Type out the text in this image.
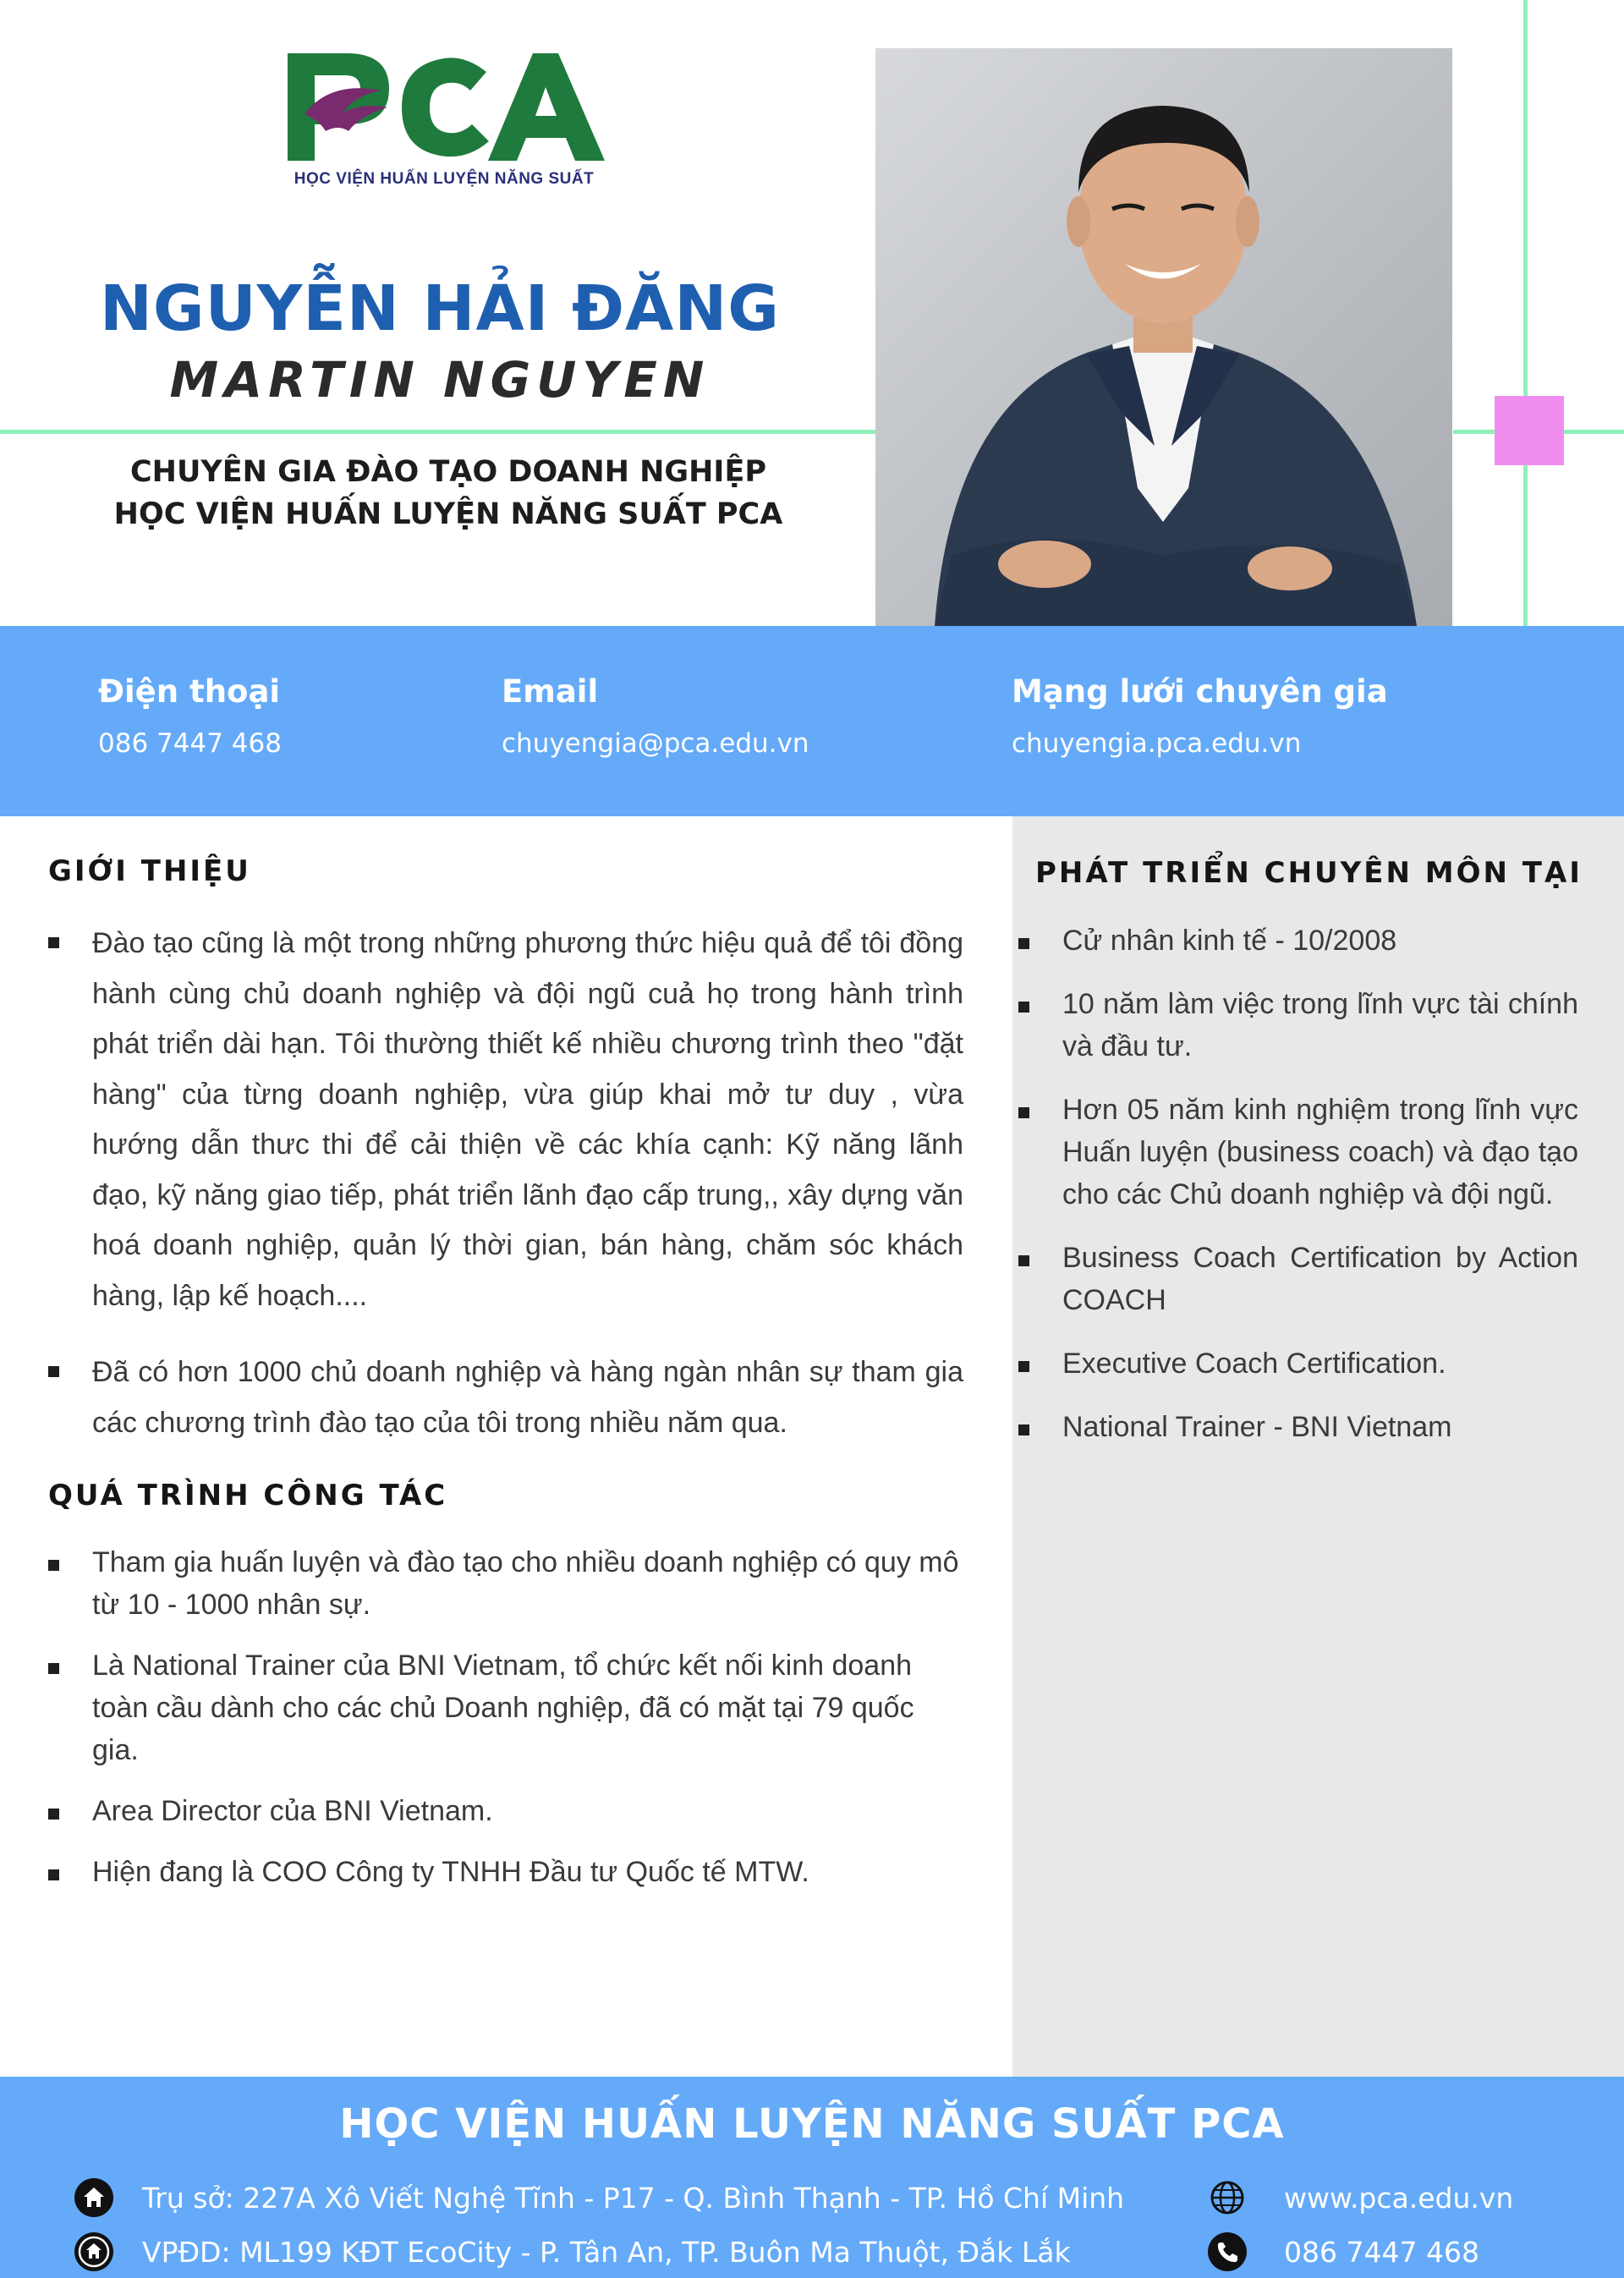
HỌC VIỆN HUẤN LUYỆN NĂNG SUẤT
NGUYỄN HẢI ĐĂNG
MARTIN NGUYEN
CHUYÊN GIA ĐÀO TẠO DOANH NGHIỆP
HỌC VIỆN HUẤN LUYỆN NĂNG SUẤT PCA
Điện thoại
086 7447 468
Email
chuyengia@pca.edu.vn
Mạng lưới chuyên gia
chuyengia.pca.edu.vn
GIỚI THIỆU
Đào tạo cũng là một trong những phương thức hiệu quả để tôi đồng hành cùng chủ doanh nghiệp và đội ngũ cuả họ trong hành trình phát triển dài hạn. Tôi thường thiết kế nhiều chương trình theo "đặt hàng" của từng doanh nghiệp, vừa giúp khai mở tư duy , vừa hướng dẫn thưc thi để cải thiện về các khía cạnh: Kỹ năng lãnh đạo, kỹ năng giao tiếp, phát triển lãnh đạo cấp trung,, xây dựng văn hoá doanh nghiệp, quản lý thời gian, bán hàng, chăm sóc khách hàng, lập kế hoạch....
Đã có hơn 1000 chủ doanh nghiệp và hàng ngàn nhân sự tham gia các chương trình đào tạo của tôi trong nhiều năm qua.
QUÁ TRÌNH CÔNG TÁC
Tham gia huấn luyện và đào tạo cho nhiều doanh nghiệp có quy mô từ 10 - 1000 nhân sự.
Là National Trainer của BNI Vietnam, tổ chức kết nối kinh doanh toàn cầu dành cho các chủ Doanh nghiệp, đã có mặt tại 79 quốc gia.
Area Director của BNI Vietnam.
Hiện đang là COO Công ty TNHH Đầu tư Quốc tế MTW.
PHÁT TRIỂN CHUYÊN MÔN TẠI
Cử nhân kinh tế - 10/2008
10 năm làm việc trong lĩnh vực tài chính và đầu tư.
Hơn 05 năm kinh nghiệm trong lĩnh vực Huấn luyện (business coach) và đạo tạo cho các Chủ doanh nghiệp và đội ngũ.
Business Coach Certification by Action COACH
Executive Coach Certification.
National Trainer - BNI Vietnam
HỌC VIỆN HUẤN LUYỆN NĂNG SUẤT PCA
Trụ sở: 227A Xô Viết Nghệ Tĩnh - P17 - Q. Bình Thạnh - TP. Hồ Chí Minh
VPĐD: ML199 KĐT EcoCity - P. Tân An, TP. Buôn Ma Thuột, Đắk Lắk
www.pca.edu.vn
086 7447 468
